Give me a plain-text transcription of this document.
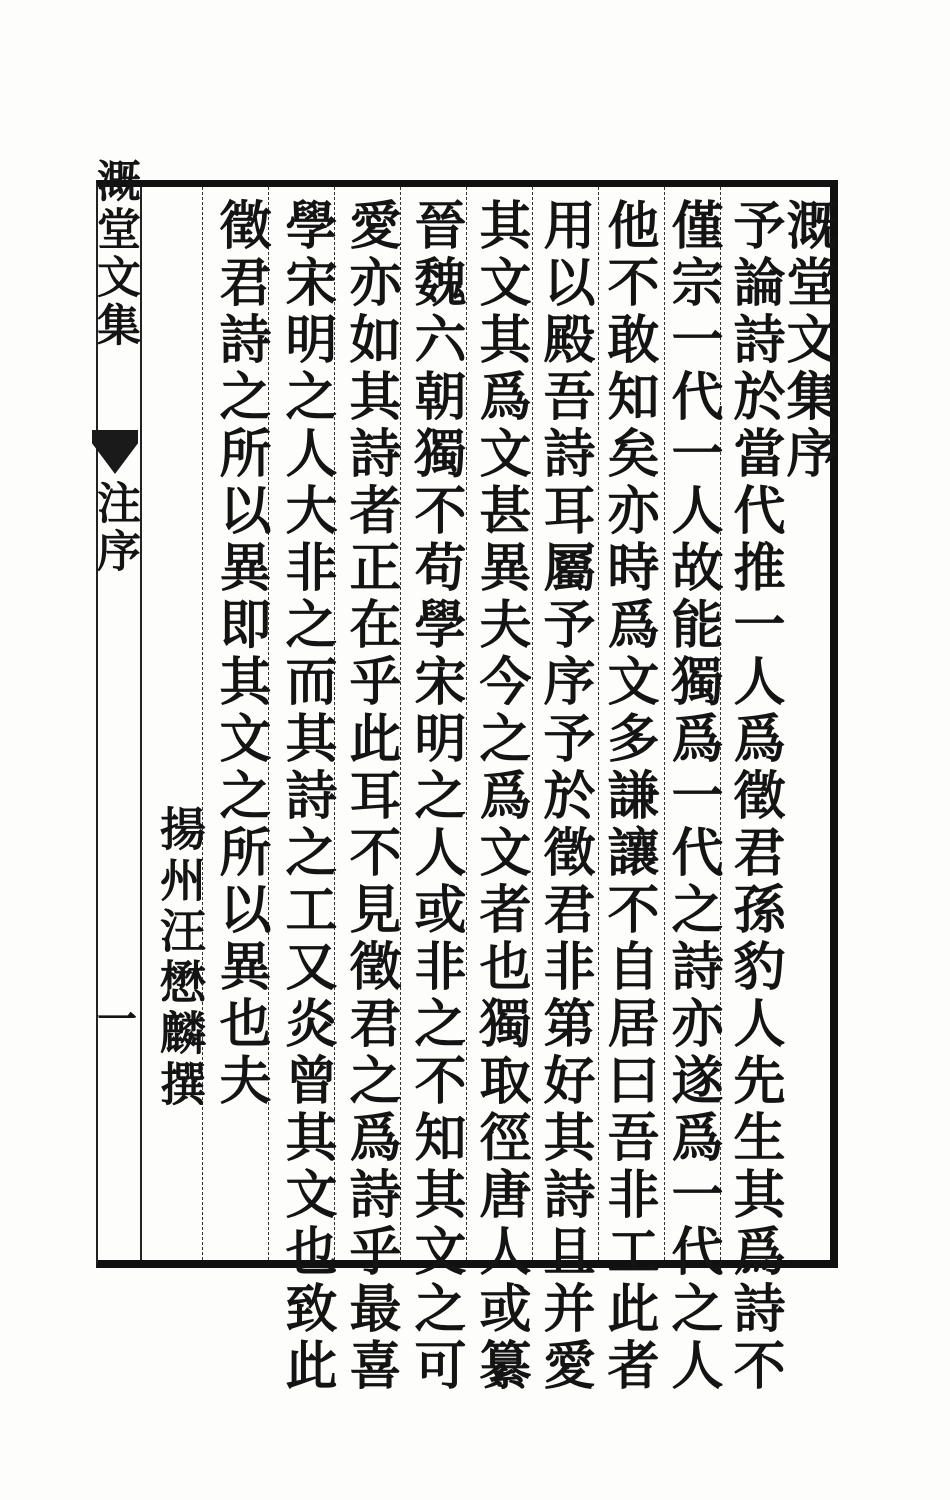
溉堂文集
注序
一
溉堂文集序
予論詩於當代推一人爲徵君孫豹人先生其爲詩不
僅宗一代一人故能獨爲一代之詩亦遂爲一代之人
他不敢知矣亦時爲文多謙讓不自居曰吾非工此者
用以殿吾詩耳屬予序予於徵君非第好其詩且并愛
其文其爲文甚異夫今之爲文者也獨取徑唐人或纂
晉魏六朝獨不苟學宋明之人或非之不知其文之可
愛亦如其詩者正在乎此耳不見徵君之爲詩乎最喜
學宋明之人大非之而其詩之工又炎曾其文也致此
徵君詩之所以異即其文之所以異也夫
揚州汪懋麟撰
